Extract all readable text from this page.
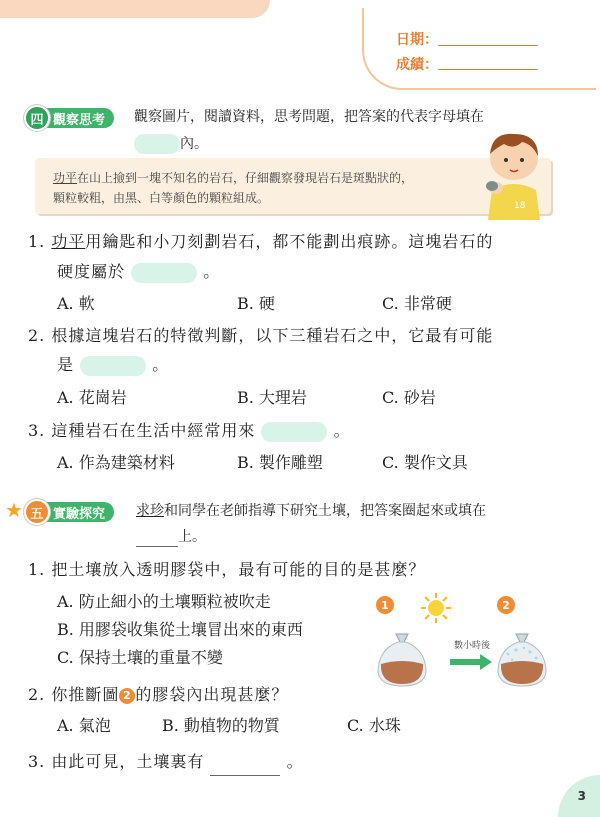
日期：
成績：
四 觀察思考	觀察圖片，閱讀資料，思考問題，把答案的代表字母填在
內。
功平在山上撿到一塊不知名的岩石，仔細觀察發現岩石是斑點狀的，
顆粒較粗，由黑、白等顏色的顆粒組成。
18
1. 功平用鑰匙和小刀刻劃岩石，都不能劃出痕跡。這塊岩石的
硬度屬於	。
A. 軟	B. 硬	C. 非常硬
2. 根據這塊岩石的特徵判斷，以下三種岩石之中，它最有可能
是	。
A. 花崗岩	B. 大理岩	C. 砂岩
3. 這種岩石在生活中經常用來	。
A. 作為建築材料	B. 製作雕塑	C. 製作文具
★ 五 實驗探究	求珍和同學在老師指導下研究土壤，把答案圈起來或填在
上。
1. 把土壤放入透明膠袋中，最有可能的目的是甚麼？
A. 防止細小的土壤顆粒被吹走
B. 用膠袋收集從土壤冒出來的東西
C. 保持土壤的重量不變
1	2
數小時後
2. 你推斷圖 2 的膠袋內出現甚麼？
A. 氣泡	B. 動植物的物質	C. 水珠
3. 由此可見，土壤裏有	。
3
